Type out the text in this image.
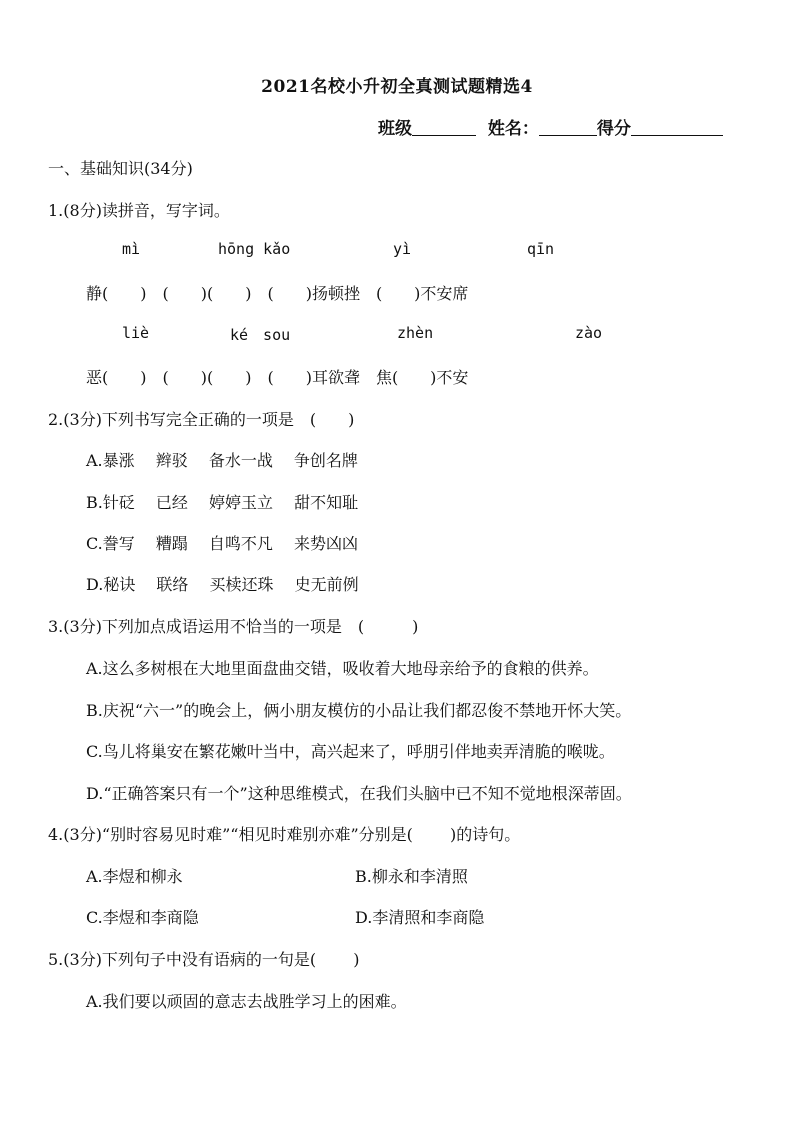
2021名校小升初全真测试题精选4
班级	姓名：	得分
一、基础知识(34分)
1.(8分)读拼音，写字词。
mì	hōng kǎo	yì	qīn
静(　　)　(　　)(　　)　(　　)扬顿挫　(　　)不安席
liè	ké　sou	zhèn	zào
恶(　　)　(　　)(　　)　(　　)耳欲聋　焦(　　)不安
2.(3分)下列书写完全正确的一项是　(　　)
A.暴涨　 辫驳　 备水一战　 争创名牌
B.针砭　 已经　 婷婷玉立　 甜不知耻
C.誊写　 糟蹋　 自鸣不凡　 来势凶凶
D.秘诀　 联络　 买椟还珠　 史无前例
3.(3分)下列加点成语运用不恰当的一项是　(　　　)
A.这么多树根在大地里面盘曲交错，吸收着大地母亲给予的食粮的供养。
B.庆祝“六一”的晚会上，俩小朋友模仿的小品让我们都忍俊不禁地开怀大笑。
C.鸟儿将巢安在繁花嫩叶当中，高兴起来了，呼朋引伴地卖弄清脆的喉咙。
D.“正确答案只有一个”这种思维模式，在我们头脑中已不知不觉地根深蒂固。
4.(3分)“别时容易见时难”“相见时难别亦难”分别是(　　 )的诗句。
A.李煜和柳永	B.柳永和李清照
C.李煜和李商隐	D.李清照和李商隐
5.(3分)下列句子中没有语病的一句是(　　 )
A.我们要以顽固的意志去战胜学习上的困难。
